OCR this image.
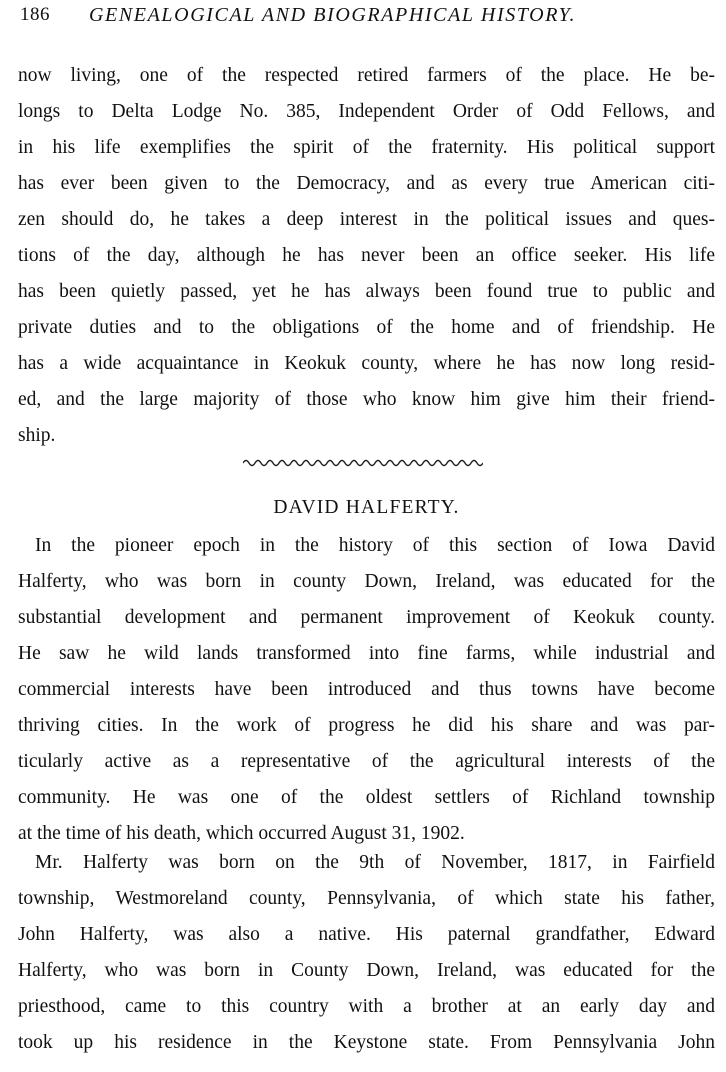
186 GENEALOGICAL AND BIOGRAPHICAL HISTORY.
now living, one of the respected retired farmers of the place. He be-
longs to Delta Lodge No. 385, Independent Order of Odd Fellows, and
in his life exemplifies the spirit of the fraternity. His political support
has ever been given to the Democracy, and as every true American citi-
zen should do, he takes a deep interest in the political issues and ques-
tions of the day, although he has never been an office seeker. His life
has been quietly passed, yet he has always been found true to public and
private duties and to the obligations of the home and of friendship. He
has a wide acquaintance in Keokuk county, where he has now long resid-
ed, and the large majority of those who know him give him their friend-
ship.
DAVID HALFERTY.
In the pioneer epoch in the history of this section of Iowa David
Halferty, who was born in county Down, Ireland, was educated for the
substantial development and permanent improvement of Keokuk county.
He saw he wild lands transformed into fine farms, while industrial and
commercial interests have been introduced and thus towns have become
thriving cities. In the work of progress he did his share and was par-
ticularly active as a representative of the agricultural interests of the
community. He was one of the oldest settlers of Richland township
at the time of his death, which occurred August 31, 1902.
Mr. Halferty was born on the 9th of November, 1817, in Fairfield
township, Westmoreland county, Pennsylvania, of which state his father,
John Halferty, was also a native. His paternal grandfather, Edward
Halferty, who was born in County Down, Ireland, was educated for the
priesthood, came to this country with a brother at an early day and
took up his residence in the Keystone state. From Pennsylvania John
